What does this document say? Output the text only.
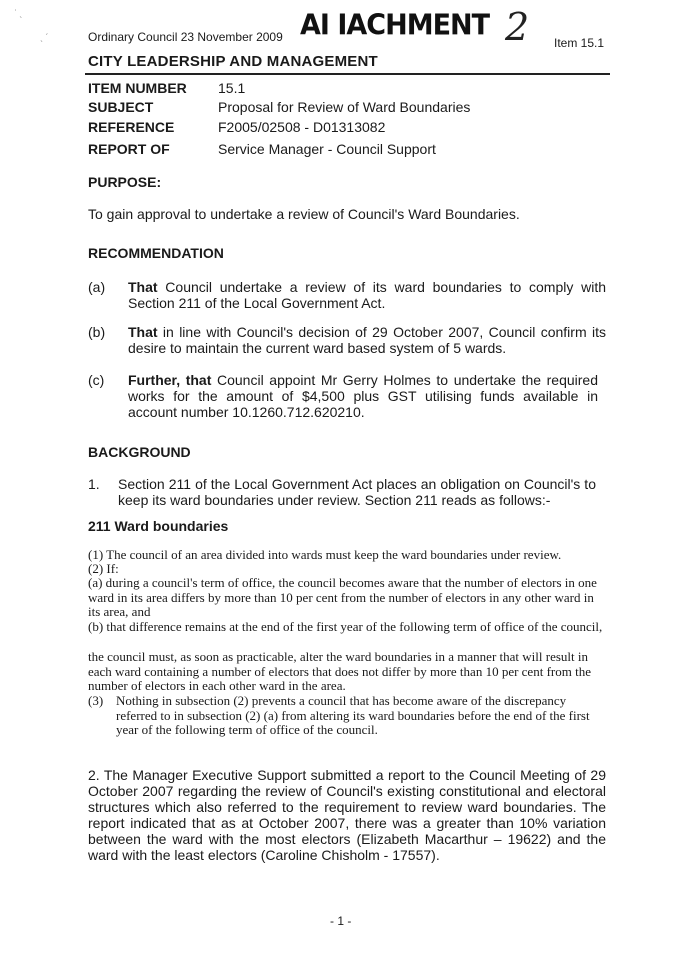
˙ ˏ
ˏ ˊ	Ordinary Council 23 November 2009 AI IACHMENT 2 Item 15.1
CITY LEADERSHIP AND MANAGEMENT
ITEM NUMBER 15.1
SUBJECT	Proposal for Review of Ward Boundaries
REFERENCE	F2005/02508 - D01313082
REPORT OF	Service Manager - Council Support
PURPOSE:
To gain approval to undertake a review of Council's Ward Boundaries.
RECOMMENDATION
(a) That Council undertake a review of its ward boundaries to comply with Section 211 of the Local Government Act.
(b) That in line with Council's decision of 29 October 2007, Council confirm its desire to maintain the current ward based system of 5 wards.
(c) Further, that Council appoint Mr Gerry Holmes to undertake the required works for the amount of $4,500 plus GST utilising funds available in account number 10.1260.712.620210.
BACKGROUND
1. Section 211 of the Local Government Act places an obligation on Council's to keep its ward boundaries under review. Section 211 reads as follows:-
211 Ward boundaries
(1) The council of an area divided into wards must keep the ward boundaries under review.
(2) If:
(a) during a council's term of office, the council becomes aware that the number of electors in one ward in its area differs by more than 10 per cent from the number of electors in any other ward in its area, and
(b) that difference remains at the end of the first year of the following term of office of the council,
the council must, as soon as practicable, alter the ward boundaries in a manner that will result in each ward containing a number of electors that does not differ by more than 10 per cent from the number of electors in each other ward in the area.
(3) Nothing in subsection (2) prevents a council that has become aware of the discrepancy referred to in subsection (2) (a) from altering its ward boundaries before the end of the first year of the following term of office of the council.
2. The Manager Executive Support submitted a report to the Council Meeting of 29 October 2007 regarding the review of Council's existing constitutional and electoral structures which also referred to the requirement to review ward boundaries. The report indicated that as at October 2007, there was a greater than 10% variation between the ward with the most electors (Elizabeth Macarthur – 19622) and the ward with the least electors (Caroline Chisholm - 17557).
- 1 -
